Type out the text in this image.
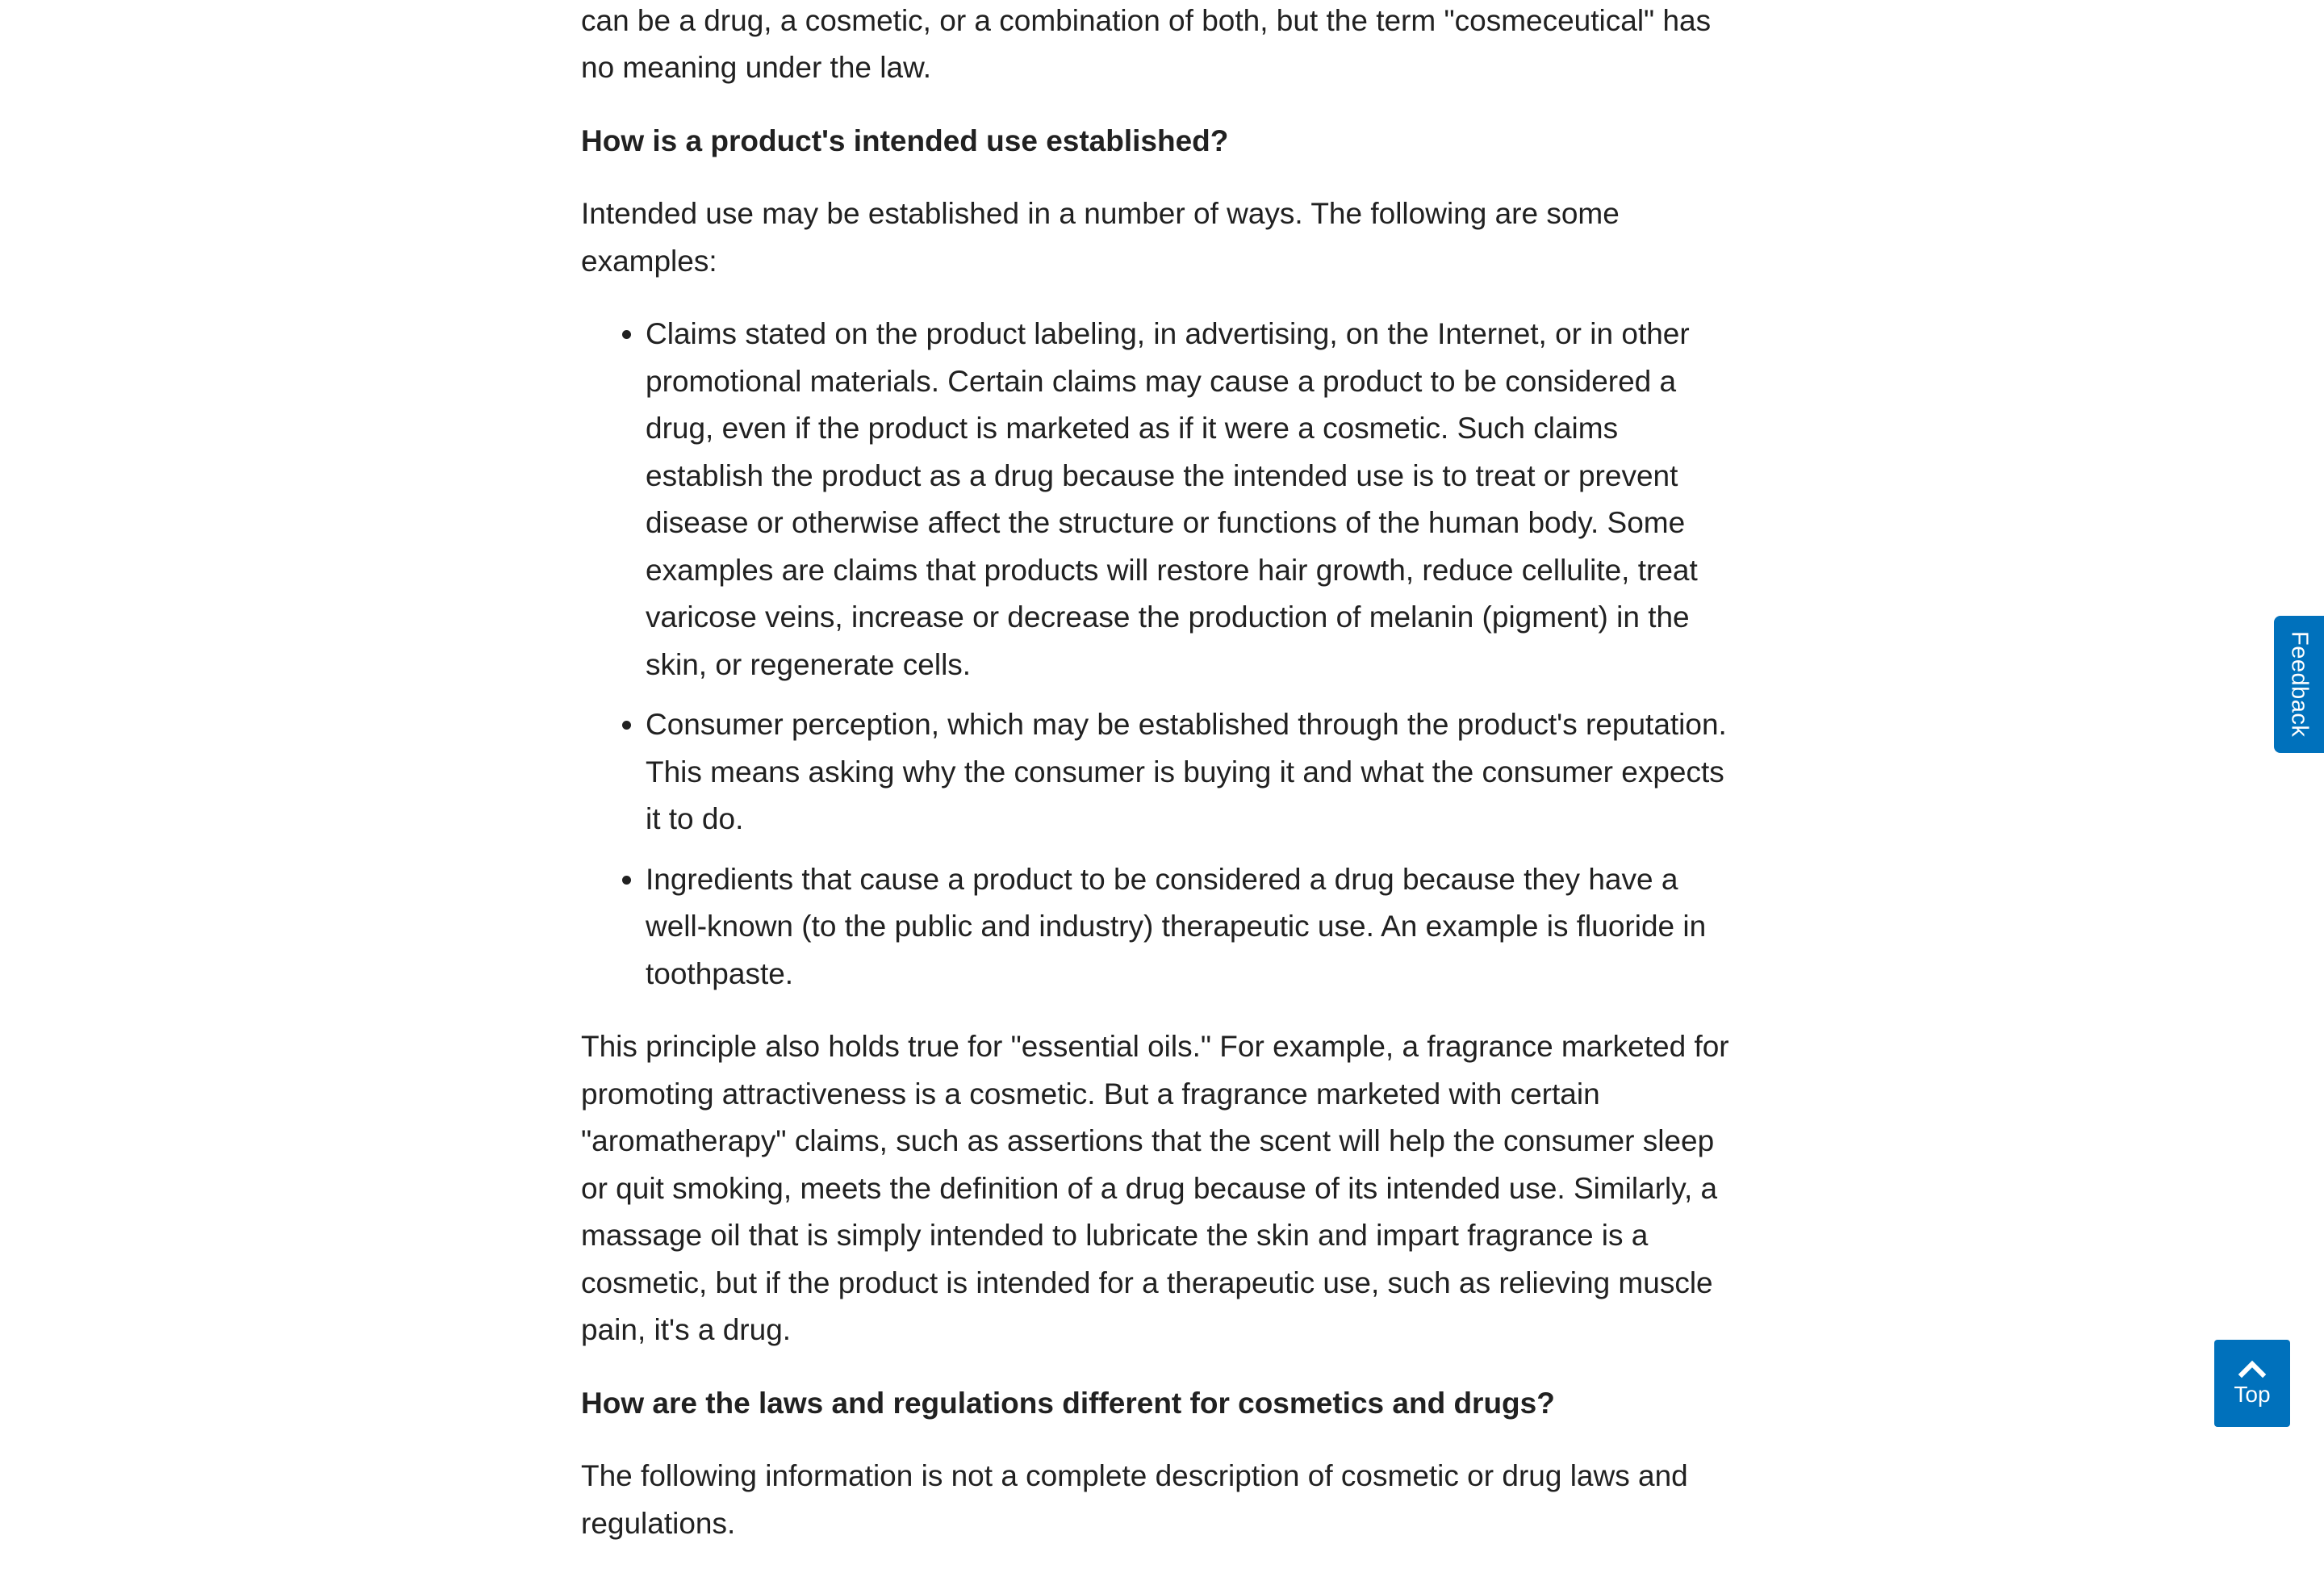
can be a drug, a cosmetic, or a combination of both, but the term "cosmeceutical" has no meaning under the law.

How is a product's intended use established?

Intended use may be established in a number of ways. The following are some examples:

• Claims stated on the product labeling, in advertising, on the Internet, or in other promotional materials. Certain claims may cause a product to be considered a drug, even if the product is marketed as if it were a cosmetic. Such claims establish the product as a drug because the intended use is to treat or prevent disease or otherwise affect the structure or functions of the human body. Some examples are claims that products will restore hair growth, reduce cellulite, treat varicose veins, increase or decrease the production of melanin (pigment) in the skin, or regenerate cells.
• Consumer perception, which may be established through the product's reputation. This means asking why the consumer is buying it and what the consumer expects it to do.
• Ingredients that cause a product to be considered a drug because they have a well-known (to the public and industry) therapeutic use. An example is fluoride in toothpaste.

This principle also holds true for "essential oils." For example, a fragrance marketed for promoting attractiveness is a cosmetic. But a fragrance marketed with certain "aromatherapy" claims, such as assertions that the scent will help the consumer sleep or quit smoking, meets the definition of a drug because of its intended use. Similarly, a massage oil that is simply intended to lubricate the skin and impart fragrance is a cosmetic, but if the product is intended for a therapeutic use, such as relieving muscle pain, it's a drug.

How are the laws and regulations different for cosmetics and drugs?

The following information is not a complete description of cosmetic or drug laws and regulations.

Feedback
Top
